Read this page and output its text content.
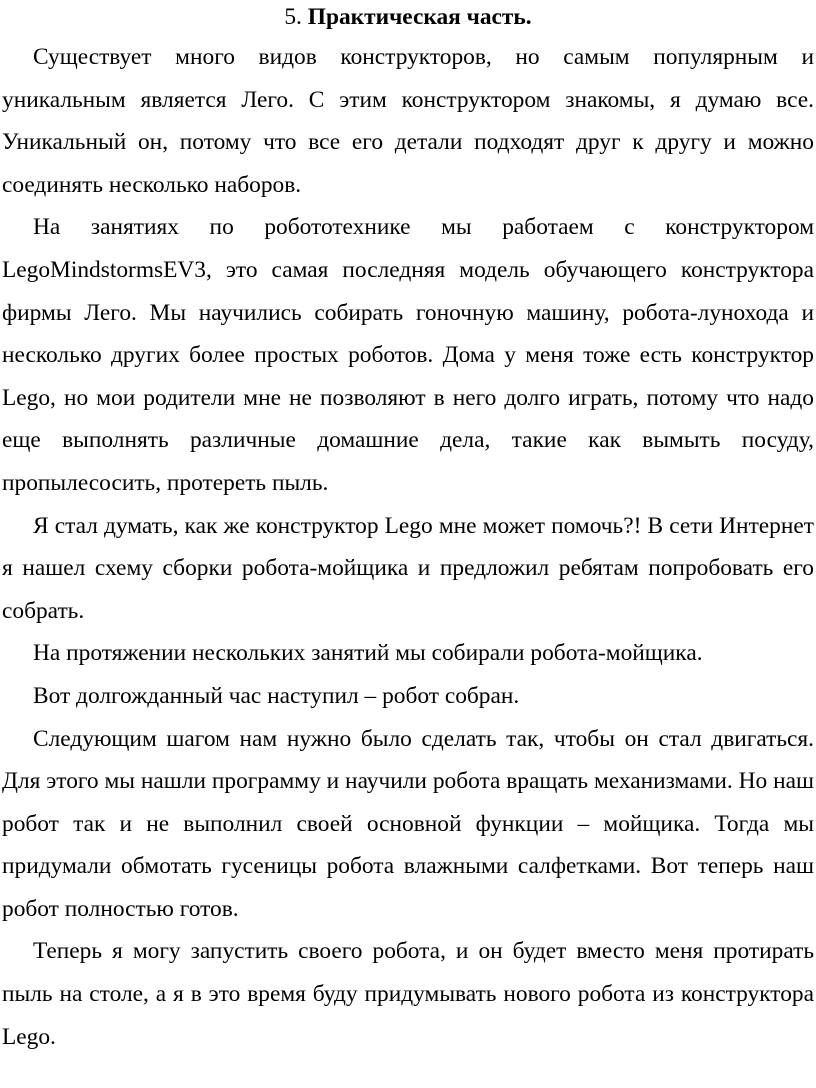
5. Практическая часть.

Существует много видов конструкторов, но самым популярным и уникальным является Лего. С этим конструктором знакомы, я думаю все. Уникальный он, потому что все его детали подходят друг к другу и можно соединять несколько наборов.

На занятиях по робототехнике мы работаем с конструктором LegoMindstormsEV3, это самая последняя модель обучающего конструктора фирмы Лего. Мы научились собирать гоночную машину, робота-лунохода и несколько других более простых роботов. Дома у меня тоже есть конструктор Lego, но мои родители мне не позволяют в него долго играть, потому что надо еще выполнять различные домашние дела, такие как вымыть посуду, пропылесосить, протереть пыль.

Я стал думать, как же конструктор Lego мне может помочь?! В сети Интернет я нашел схему сборки робота-мойщика и предложил ребятам попробовать его собрать.

На протяжении нескольких занятий мы собирали робота-мойщика.

Вот долгожданный час наступил – робот собран.

Следующим шагом нам нужно было сделать так, чтобы он стал двигаться. Для этого мы нашли программу и научили робота вращать механизмами. Но наш робот так и не выполнил своей основной функции – мойщика. Тогда мы придумали обмотать гусеницы робота влажными салфетками. Вот теперь наш робот полностью готов.

Теперь я могу запустить своего робота, и он будет вместо меня протирать пыль на столе, а я в это время буду придумывать нового робота из конструктора Lego.
